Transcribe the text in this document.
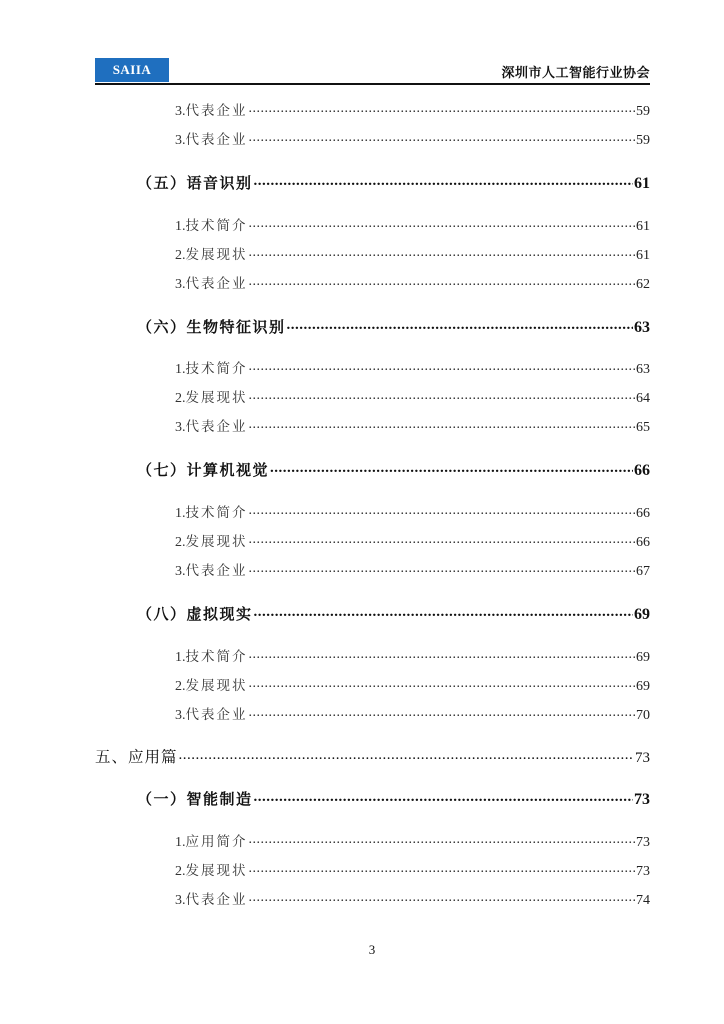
SAIIA	深圳市人工智能行业协会
3.代表企业 .....	59
3.代表企业 .....	59
（五）语音识别 .....	61
1.技术简介 .....	61
2.发展现状 .....	61
3.代表企业 .....	62
（六）生物特征识别 .....	63
1.技术简介 .....	63
2.发展现状 .....	64
3.代表企业 .....	65
（七）计算机视觉 .....	66
1.技术简介 .....	66
2.发展现状 .....	66
3.代表企业 .....	67
（八）虚拟现实 .....	69
1.技术简介 .....	69
2.发展现状 .....	69
3.代表企业 .....	70
五、应用篇 .....	73
（一）智能制造 .....	73
1.应用简介 .....	73
2.发展现状 .....	73
3.代表企业 .....	74
3
